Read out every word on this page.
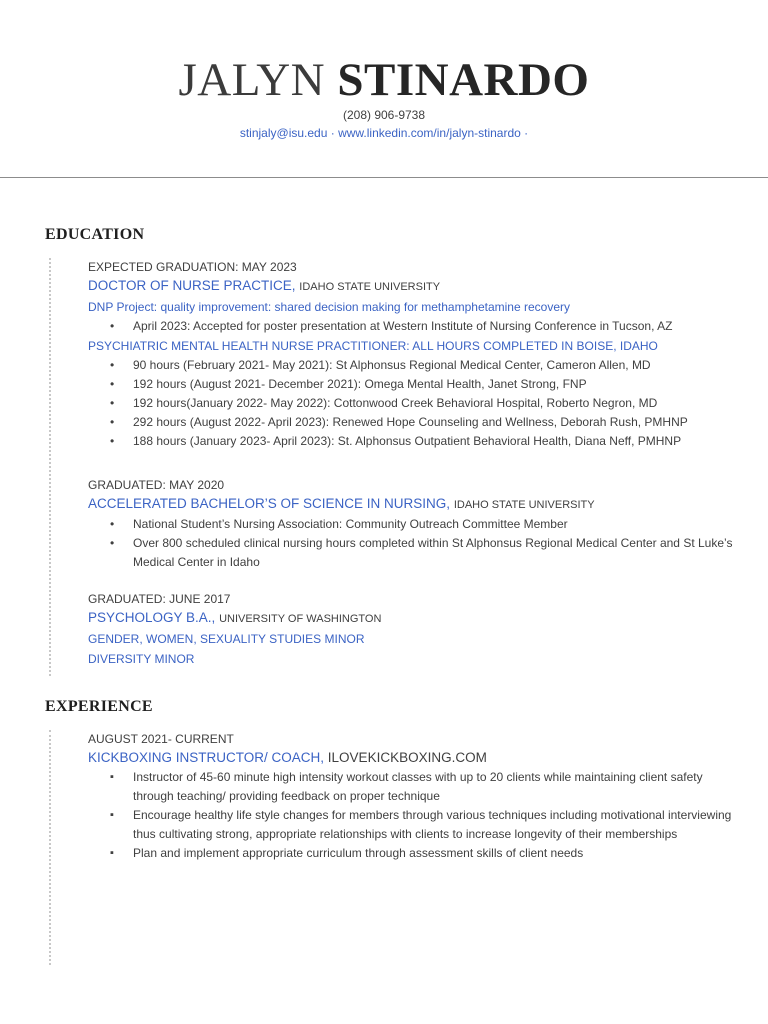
JALYN STINARDO
(208) 906-9738
stinjaly@isu.edu · www.linkedin.com/in/jalyn-stinardo ·
EDUCATION
EXPECTED GRADUATION: MAY 2023
DOCTOR OF NURSE PRACTICE, IDAHO STATE UNIVERSITY
DNP Project: quality improvement: shared decision making for methamphetamine recovery
• April 2023: Accepted for poster presentation at Western Institute of Nursing Conference in Tucson, AZ
PSYCHIATRIC MENTAL HEALTH NURSE PRACTITIONER: ALL HOURS COMPLETED IN BOISE, IDAHO
• 90 hours (February 2021- May 2021): St Alphonsus Regional Medical Center, Cameron Allen, MD
• 192 hours (August 2021- December 2021): Omega Mental Health, Janet Strong, FNP
• 192 hours(January 2022- May 2022): Cottonwood Creek Behavioral Hospital, Roberto Negron, MD
• 292 hours (August 2022- April 2023): Renewed Hope Counseling and Wellness, Deborah Rush, PMHNP
• 188 hours (January 2023- April 2023): St. Alphonsus Outpatient Behavioral Health, Diana Neff, PMHNP
GRADUATED: MAY 2020
ACCELERATED BACHELOR’S OF SCIENCE IN NURSING, IDAHO STATE UNIVERSITY
• National Student’s Nursing Association: Community Outreach Committee Member
• Over 800 scheduled clinical nursing hours completed within St Alphonsus Regional Medical Center and St Luke’s Medical Center in Idaho
GRADUATED: JUNE 2017
PSYCHOLOGY B.A., UNIVERSITY OF WASHINGTON
GENDER, WOMEN, SEXUALITY STUDIES MINOR
DIVERSITY MINOR
EXPERIENCE
AUGUST 2021- CURRENT
KICKBOXING INSTRUCTOR/ COACH, ILOVEKICKBOXING.COM
▪ Instructor of 45-60 minute high intensity workout classes with up to 20 clients while maintaining client safety through teaching/ providing feedback on proper technique
▪ Encourage healthy life style changes for members through various techniques including motivational interviewing thus cultivating strong, appropriate relationships with clients to increase longevity of their memberships
▪ Plan and implement appropriate curriculum through assessment skills of client needs
